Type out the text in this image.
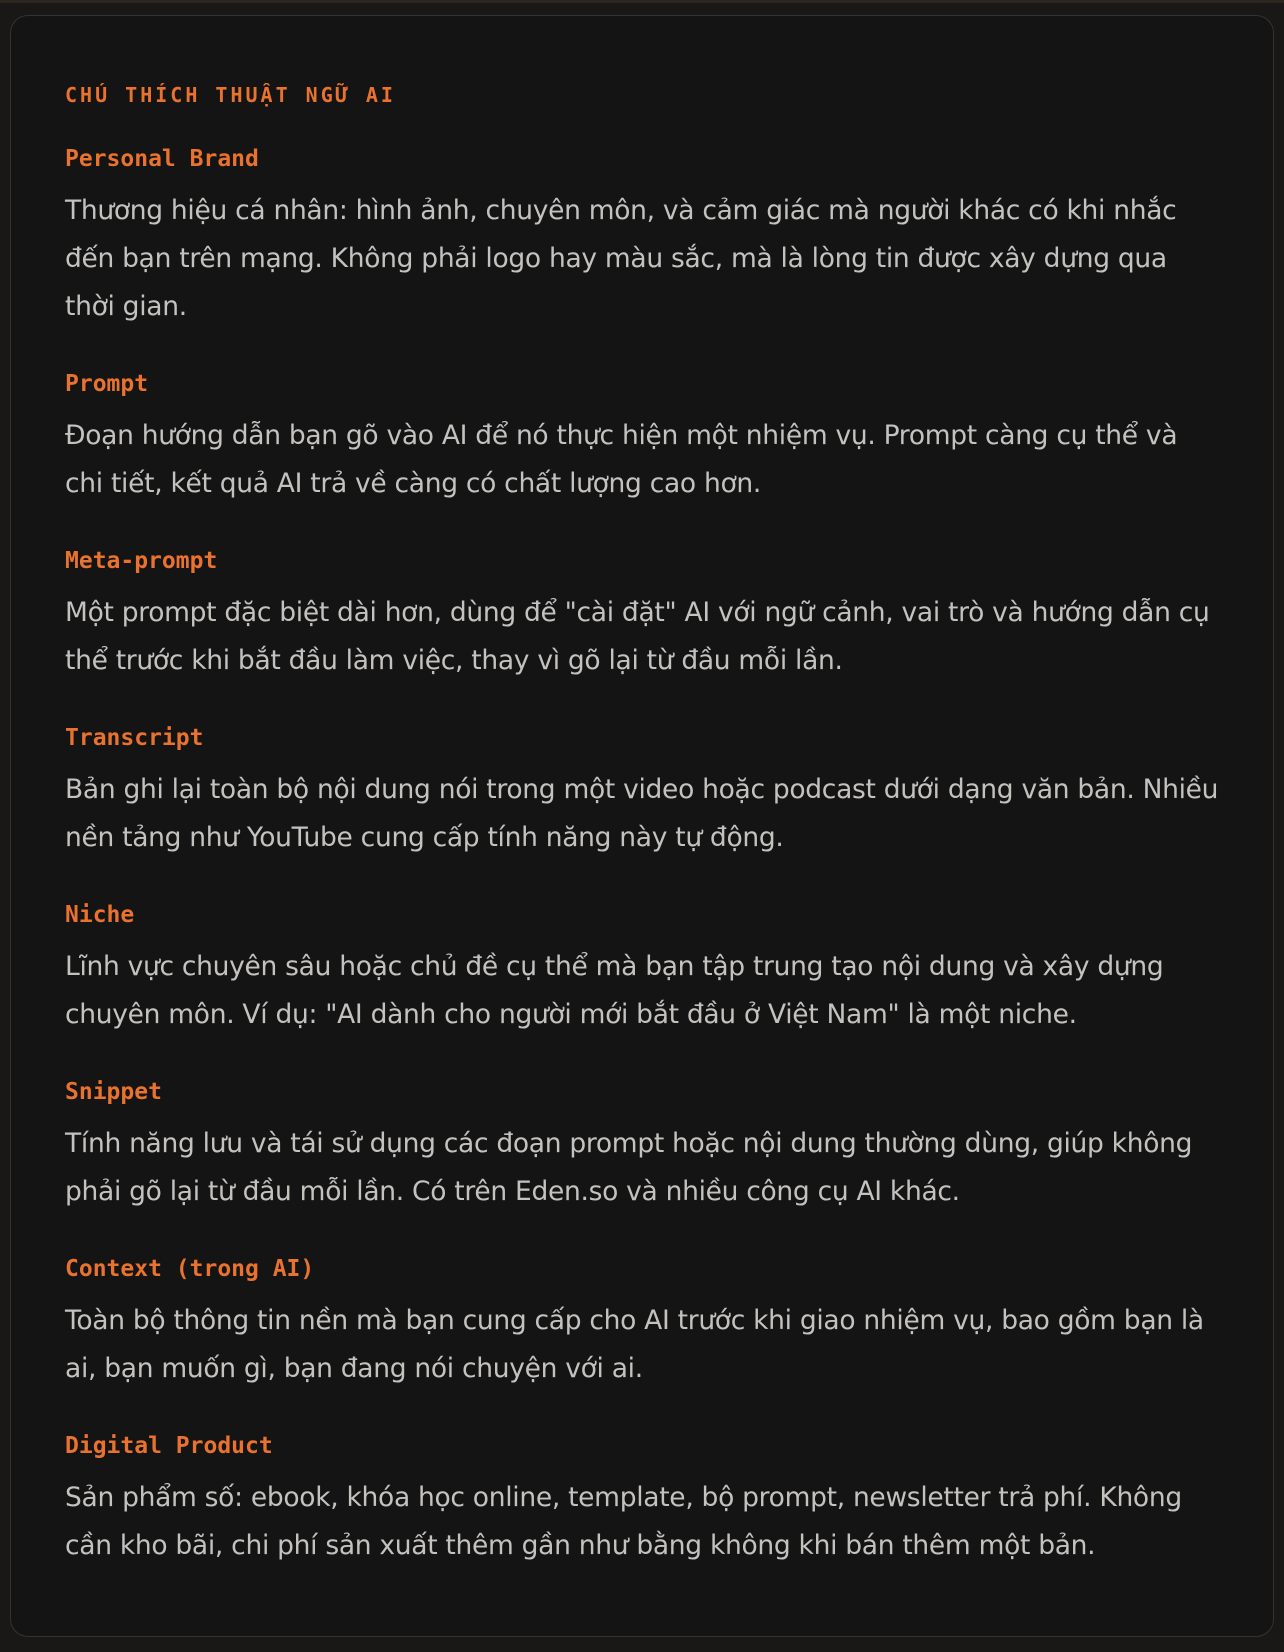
CHÚ THÍCH THUẬT NGỮ AI
Personal Brand

Thương hiệu cá nhân: hình ảnh, chuyên môn, và cảm giác mà người khác có khi nhắc đến bạn trên mạng. Không phải logo hay màu sắc, mà là lòng tin được xây dựng qua thời gian.

Prompt

Đoạn hướng dẫn bạn gõ vào AI để nó thực hiện một nhiệm vụ. Prompt càng cụ thể và chi tiết, kết quả AI trả về càng có chất lượng cao hơn.

Meta-prompt

Một prompt đặc biệt dài hơn, dùng để "cài đặt" AI với ngữ cảnh, vai trò và hướng dẫn cụ thể trước khi bắt đầu làm việc, thay vì gõ lại từ đầu mỗi lần.

Transcript

Bản ghi lại toàn bộ nội dung nói trong một video hoặc podcast dưới dạng văn bản. Nhiều nền tảng như YouTube cung cấp tính năng này tự động.

Niche

Lĩnh vực chuyên sâu hoặc chủ đề cụ thể mà bạn tập trung tạo nội dung và xây dựng chuyên môn. Ví dụ: "AI dành cho người mới bắt đầu ở Việt Nam" là một niche.

Snippet

Tính năng lưu và tái sử dụng các đoạn prompt hoặc nội dung thường dùng, giúp không phải gõ lại từ đầu mỗi lần. Có trên Eden.so và nhiều công cụ AI khác.

Context (trong AI)

Toàn bộ thông tin nền mà bạn cung cấp cho AI trước khi giao nhiệm vụ, bao gồm bạn là ai, bạn muốn gì, bạn đang nói chuyện với ai.

Digital Product

Sản phẩm số: ebook, khóa học online, template, bộ prompt, newsletter trả phí. Không cần kho bãi, chi phí sản xuất thêm gần như bằng không khi bán thêm một bản.
